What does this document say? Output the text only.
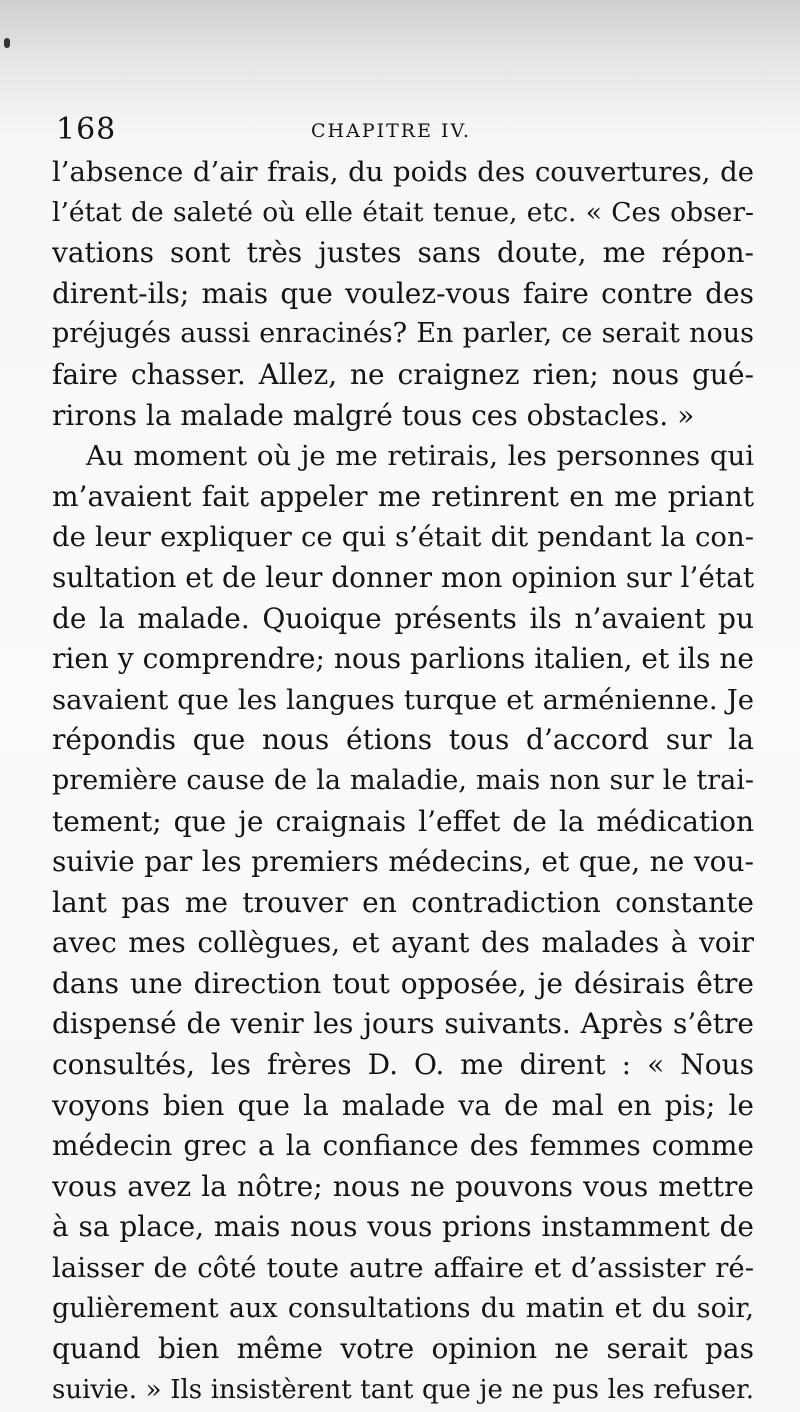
168	CHAPITRE IV.
l’absence d’air frais, du poids des couvertures, de
l’état de saleté où elle était tenue, etc. « Ces obser-
vations sont très justes sans doute, me répon-
dirent-ils; mais que voulez-vous faire contre des
préjugés aussi enracinés? En parler, ce serait nous
faire chasser. Allez, ne craignez rien; nous gué-
rirons la malade malgré tous ces obstacles. »
Au moment où je me retirais, les personnes qui
m’avaient fait appeler me retinrent en me priant
de leur expliquer ce qui s’était dit pendant la con-
sultation et de leur donner mon opinion sur l’état
de la malade. Quoique présents ils n’avaient pu
rien y comprendre; nous parlions italien, et ils ne
savaient que les langues turque et arménienne. Je
répondis que nous étions tous d’accord sur la
première cause de la maladie, mais non sur le trai-
tement; que je craignais l’effet de la médication
suivie par les premiers médecins, et que, ne vou-
lant pas me trouver en contradiction constante
avec mes collègues, et ayant des malades à voir
dans une direction tout opposée, je désirais être
dispensé de venir les jours suivants. Après s’être
consultés, les frères D. O. me dirent : « Nous
voyons bien que la malade va de mal en pis; le
médecin grec a la confiance des femmes comme
vous avez la nôtre; nous ne pouvons vous mettre
à sa place, mais nous vous prions instamment de
laisser de côté toute autre affaire et d’assister ré-
gulièrement aux consultations du matin et du soir,
quand bien même votre opinion ne serait pas
suivie. » Ils insistèrent tant que je ne pus les refuser.
